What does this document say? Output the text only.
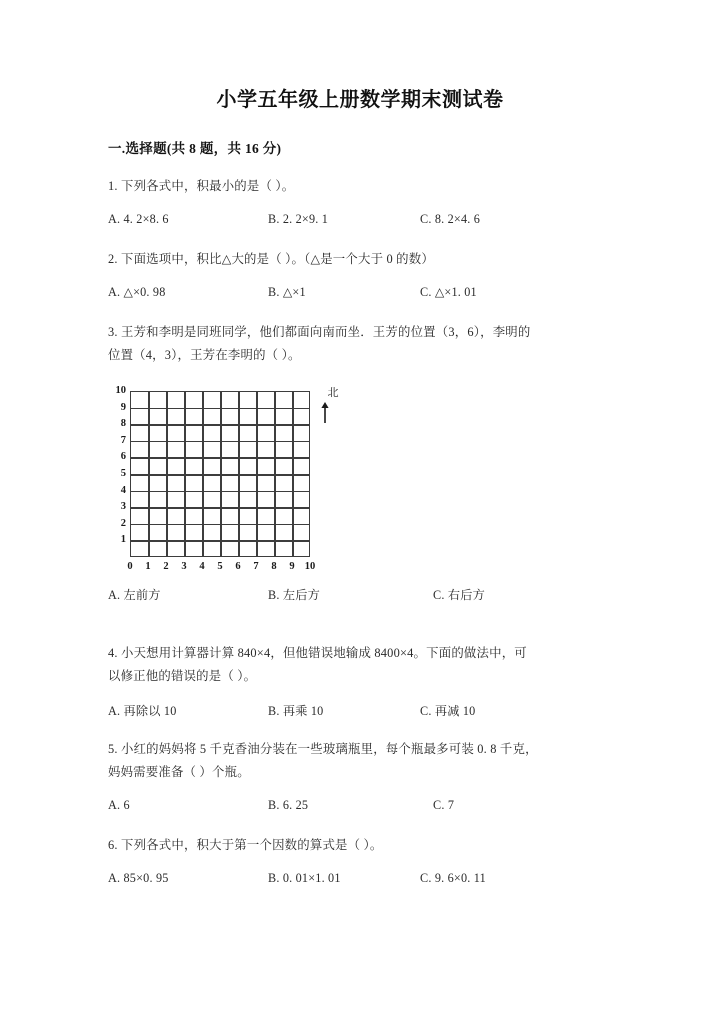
小学五年级上册数学期末测试卷
一.选择题(共 8 题，共 16 分)
1. 下列各式中，积最小的是（ ）。
A. 4. 2×8. 6	B. 2. 2×9. 1	C. 8. 2×4. 6
2. 下面选项中，积比△大的是（ ）。（△是一个大于 0 的数）
A. △×0. 98	B. △×1	C. △×1. 01
3. 王芳和李明是同班同学，他们都面向南而坐．王芳的位置（3，6），李明的
位置（4，3），王芳在李明的（ ）。
1
2
3
4
5
6
7
8
9
10
0 1 2 3 4 5 6 7 8 9 10
北
A. 左前方	B. 左后方	C. 右后方
4. 小天想用计算器计算 840×4，但他错误地输成 8400×4。下面的做法中，可
以修正他的错误的是（ ）。
A. 再除以 10	B. 再乘 10	C. 再减 10
5. 小红的妈妈将 5 千克香油分装在一些玻璃瓶里，每个瓶最多可装 0. 8 千克，
妈妈需要准备（ ）个瓶。
A. 6	B. 6. 25	C. 7
6. 下列各式中，积大于第一个因数的算式是（ ）。
A. 85×0. 95	B. 0. 01×1. 01	C. 9. 6×0. 11
